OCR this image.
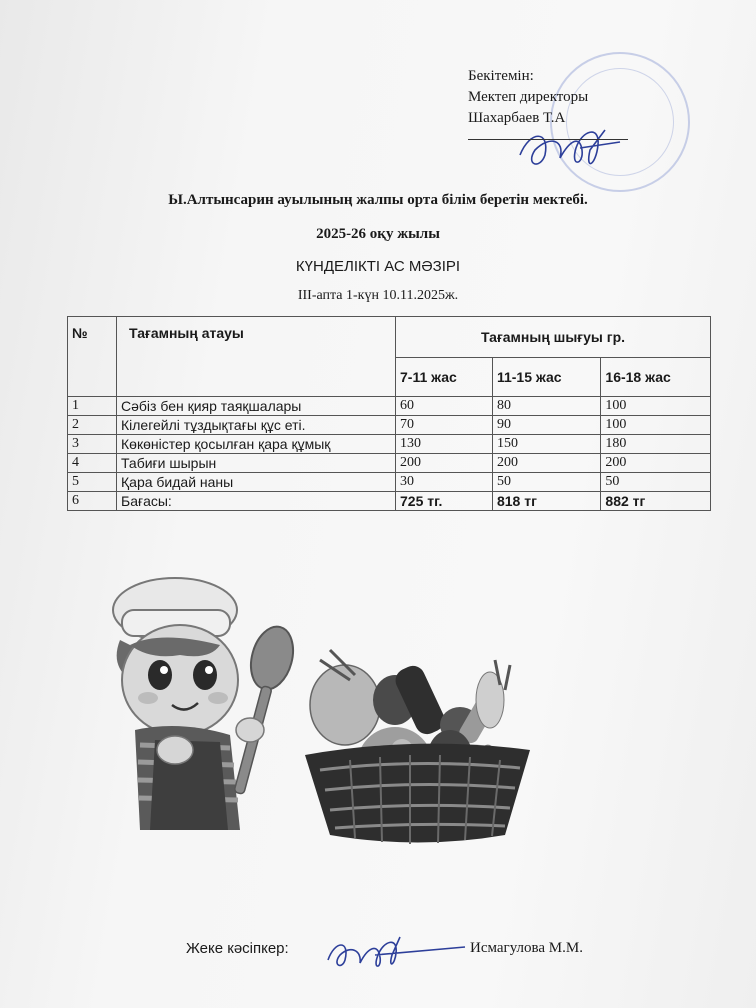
Бекітемін:
Мектеп директоры
Шахарбаев Т.А
Ы.Алтынсарин ауылының жалпы орта білім беретін мектебі.
2025-26 оқу жылы
КҮНДЕЛІКТІ АС МӘЗІРІ
ІІІ-апта 1-күн 10.11.2025ж.
№	Тағамның атауы	Тағамның шығуы гр.		
		7-11 жас	11-15 жас	16-18 жас
1	Сәбіз бен қияр таяқшалары	60	80	100
2	Кілегейлі тұздықтағы құс еті.	70	90	100
3	Көкөністер қосылған қара құмық	130	150	180
4	Табиғи шырын	200	200	200
5	Қара бидай наны	30	50	50
6	Бағасы:	725 тг.	818 тг	882 тг
Жеке кәсіпкер:	Исмагулова М.М.
